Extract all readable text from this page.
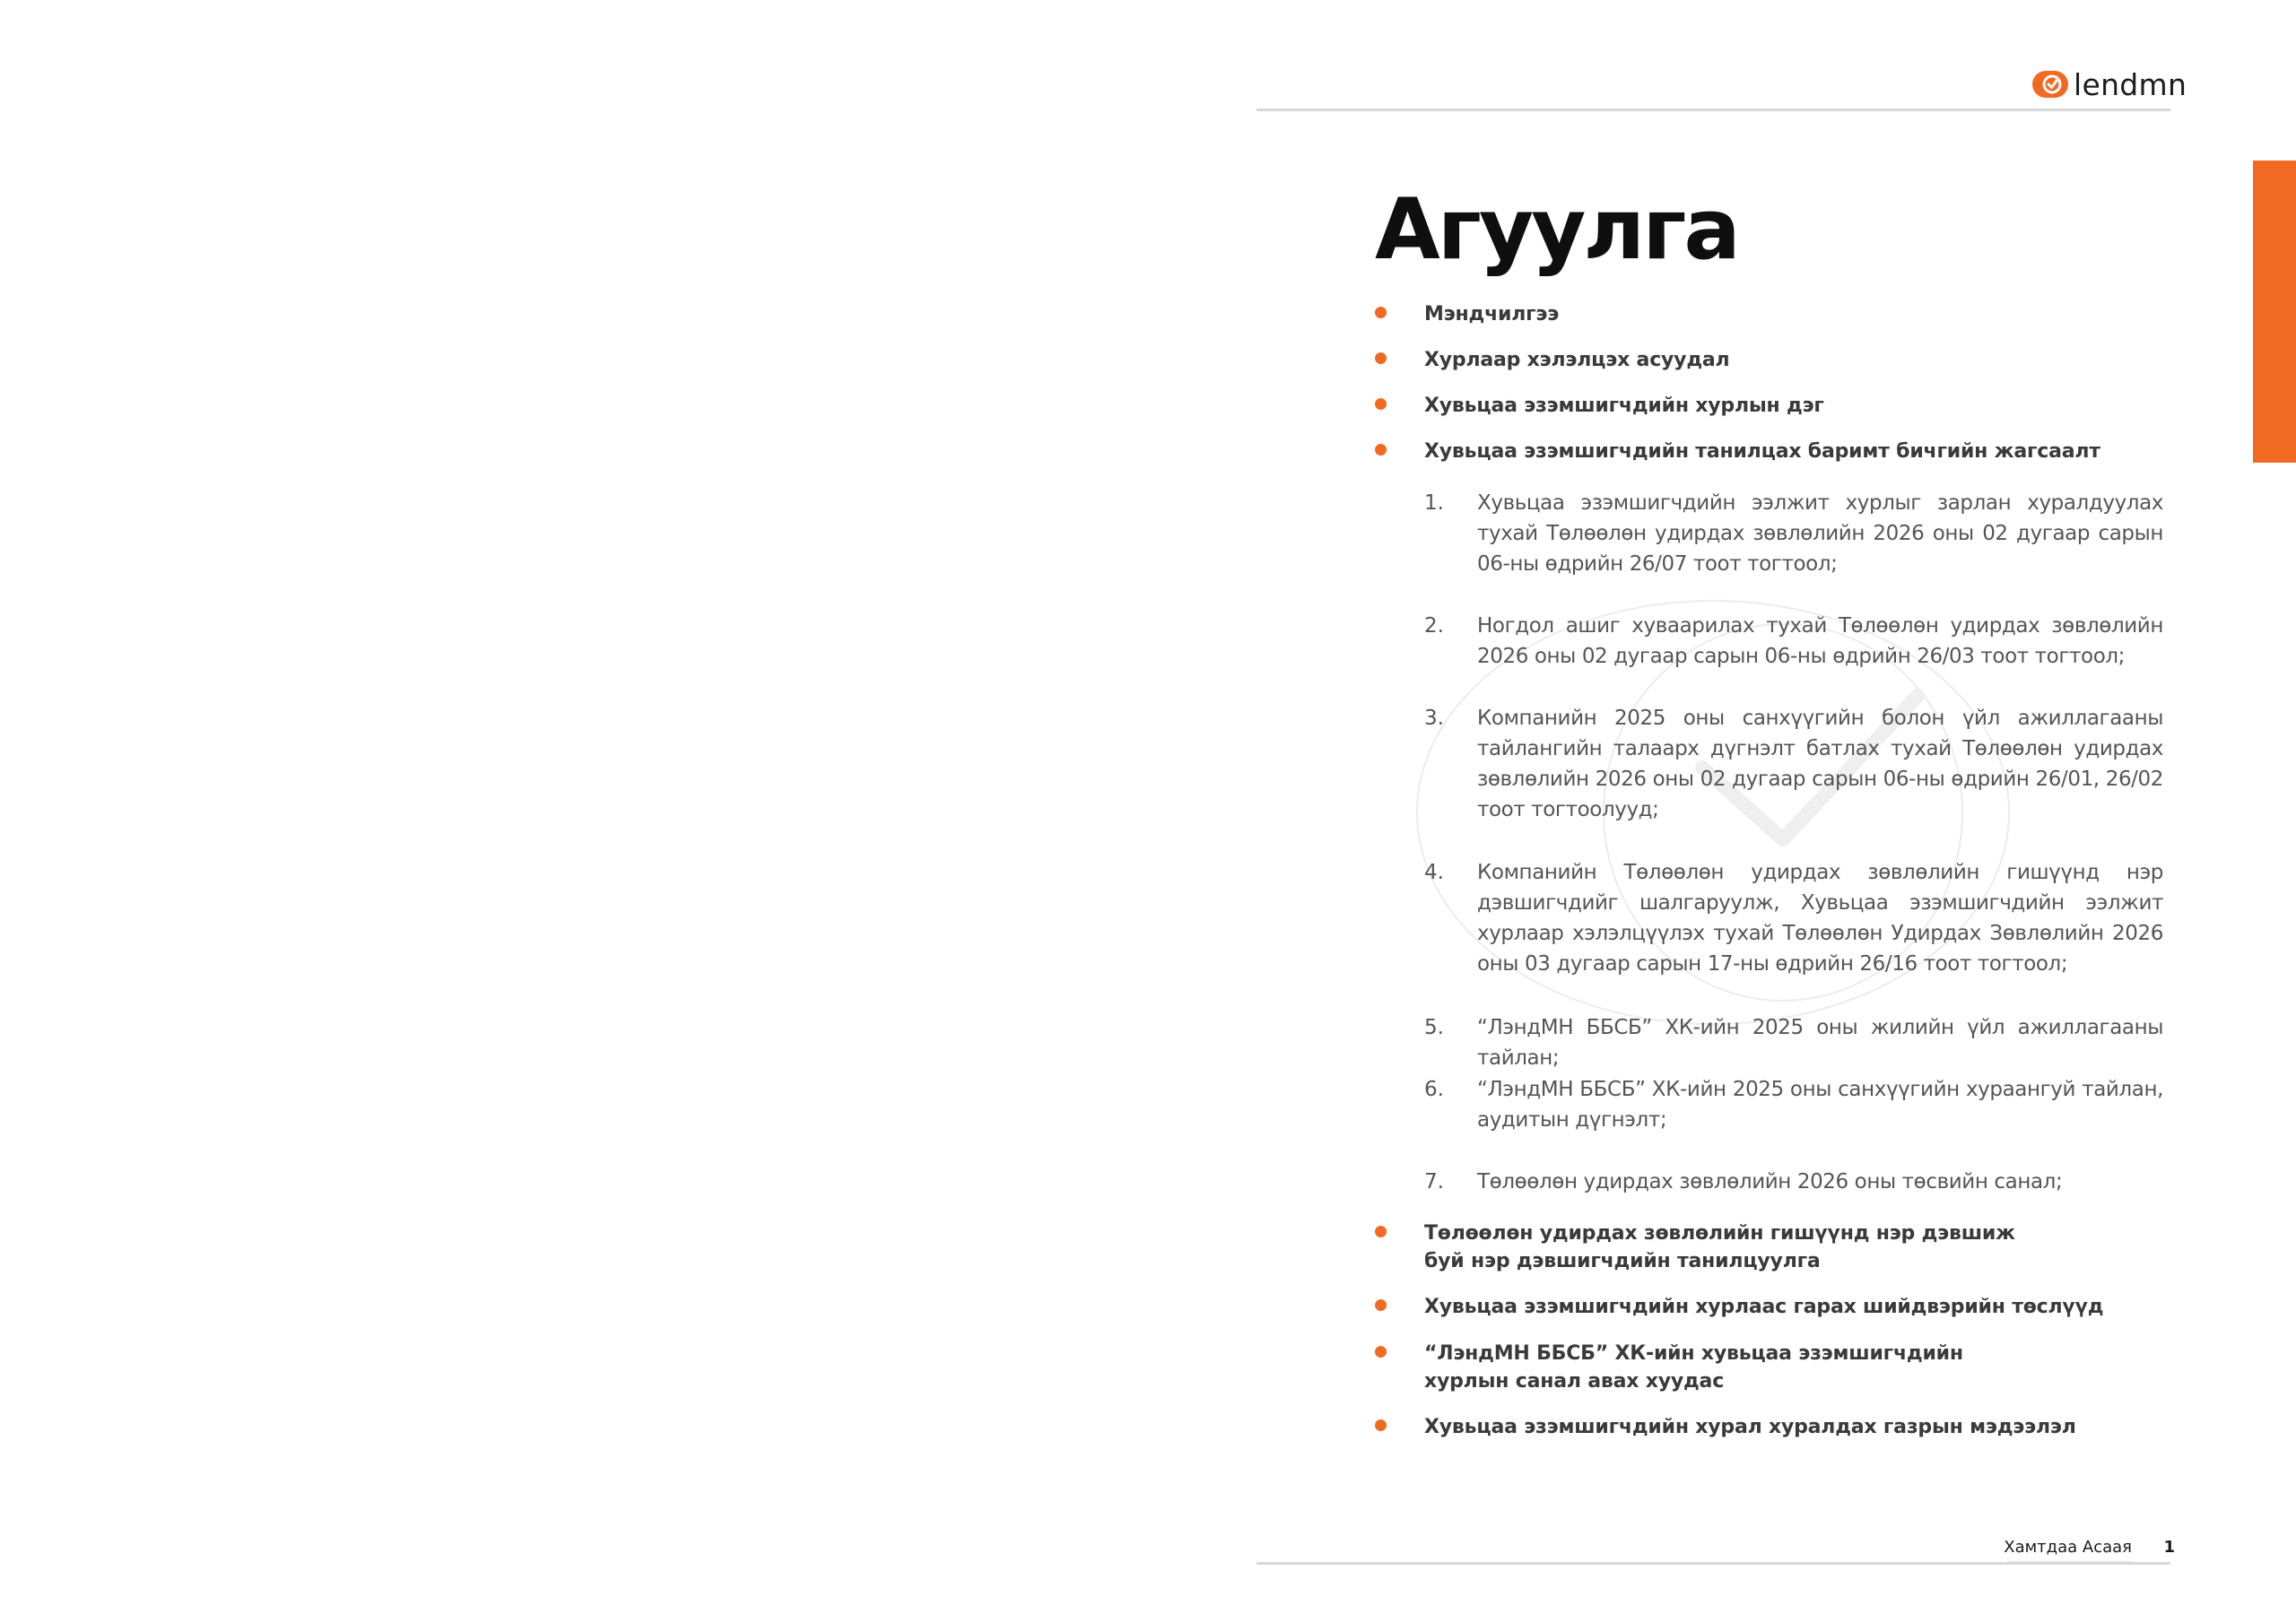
lendmn
Агуулга
Мэндчилгээ
Хурлаар хэлэлцэх асуудал
Хувьцаа эзэмшигчдийн хурлын дэг
Хувьцаа эзэмшигчдийн танилцах баримт бичгийн жагсаалт
1. Хувьцаа эзэмшигчдийн ээлжит хурлыг зарлан хуралдуулах тухай Төлөөлөн удирдах зөвлөлийн 2026 оны 02 дугаар сарын 06-ны өдрийн 26/07 тоот тогтоол;
2. Ногдол ашиг хуваарилах тухай Төлөөлөн удирдах зөвлөлийн 2026 оны 02 дугаар сарын 06-ны өдрийн 26/03 тоот тогтоол;
3. Компанийн 2025 оны санхүүгийн болон үйл ажиллагааны тайлангийн талаарх дүгнэлт батлах тухай Төлөөлөн удирдах зөвлөлийн 2026 оны 02 дугаар сарын 06-ны өдрийн 26/01, 26/02 тоот тогтоолууд;
4. Компанийн Төлөөлөн удирдах зөвлөлийн гишүүнд нэр дэвшигчдийг шалгаруулж, Хувьцаа эзэмшигчдийн ээлжит хурлаар хэлэлцүүлэх тухай Төлөөлөн Удирдах Зөвлөлийн 2026 оны 03 дугаар сарын 17-ны өдрийн 26/16 тоот тогтоол;
5. “ЛэндМН ББСБ” ХК-ийн 2025 оны жилийн үйл ажиллагааны тайлан;
6. “ЛэндМН ББСБ” ХК-ийн 2025 оны санхүүгийн хураангуй тайлан, аудитын дүгнэлт;
7. Төлөөлөн удирдах зөвлөлийн 2026 оны төсвийн санал;
Төлөөлөн удирдах зөвлөлийн гишүүнд нэр дэвшиж буй нэр дэвшигчдийн танилцуулга
Хувьцаа эзэмшигчдийн хурлаас гарах шийдвэрийн төслүүд
“ЛэндМН ББСБ” ХК-ийн хувьцаа эзэмшигчдийн хурлын санал авах хуудас
Хувьцаа эзэмшигчдийн хурал хуралдах газрын мэдээлэл
Хамтдаа Асаая	1
